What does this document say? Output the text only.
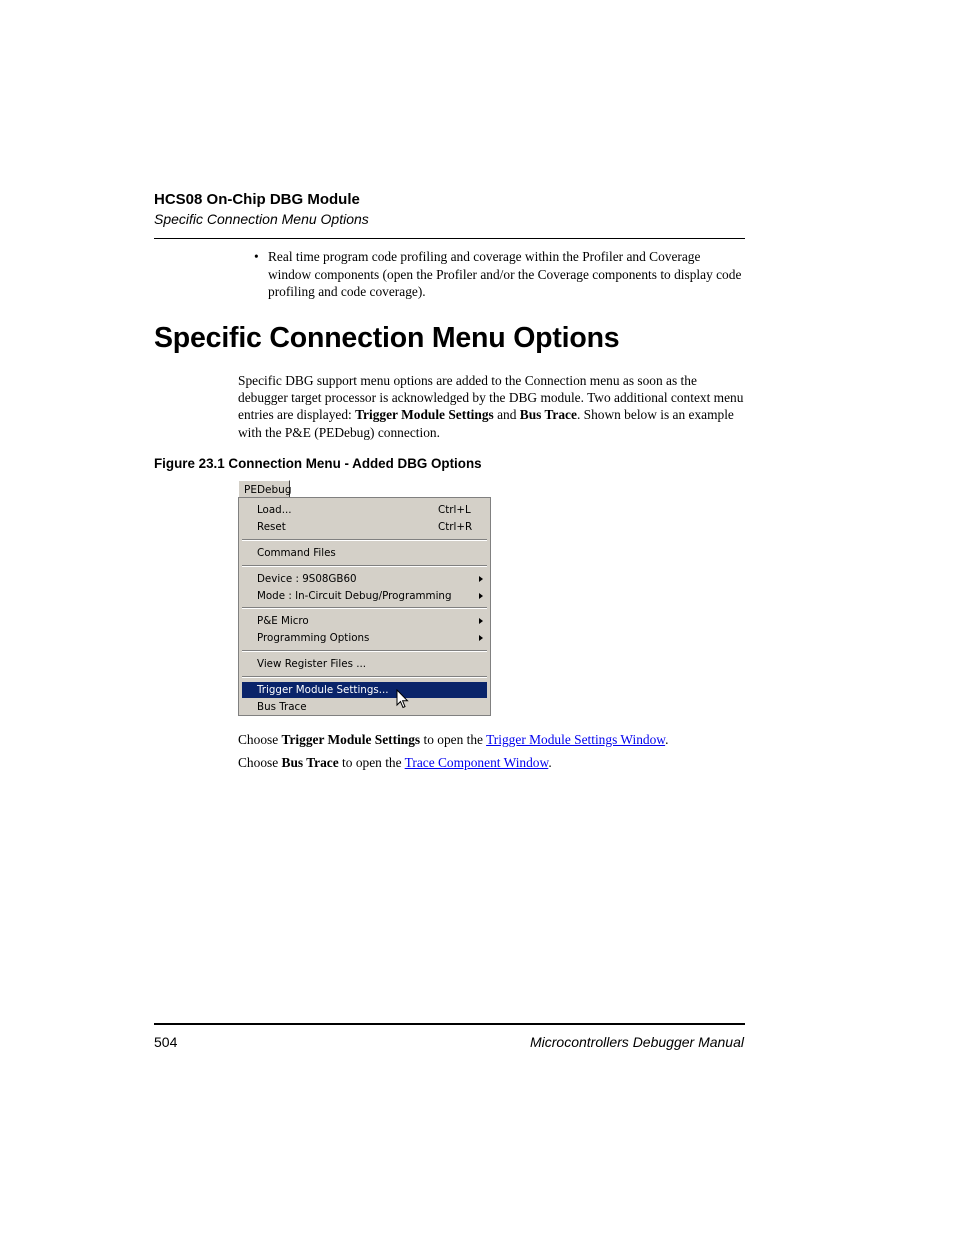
HCS08 On-Chip DBG Module
Specific Connection Menu Options
• Real time program code profiling and coverage within the Profiler and Coverage window components (open the Profiler and/or the Coverage components to display code profiling and code coverage).
Specific Connection Menu Options
Specific DBG support menu options are added to the Connection menu as soon as the debugger target processor is acknowledged by the DBG module. Two additional context menu entries are displayed: Trigger Module Settings and Bus Trace. Shown below is an example with the P&E (PEDebug) connection.
Figure 23.1 Connection Menu - Added DBG Options
PEDebug
Load...	Ctrl+L
Reset	Ctrl+R
Command Files
Device : 9S08GB60
Mode : In-Circuit Debug/Programming
P&E Micro
Programming Options
View Register Files ...
Trigger Module Settings...
Bus Trace
Choose Trigger Module Settings to open the Trigger Module Settings Window.
Choose Bus Trace to open the Trace Component Window.
504	Microcontrollers Debugger Manual
